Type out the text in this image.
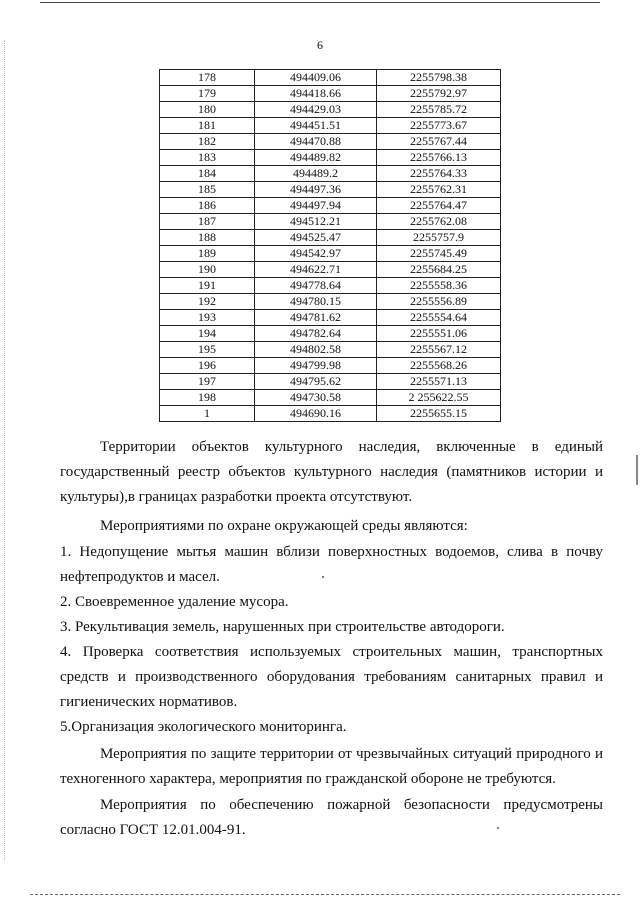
6
178	494409.06	2255798.38
179	494418.66	2255792.97
180	494429.03	2255785.72
181	494451.51	2255773.67
182	494470.88	2255767.44
183	494489.82	2255766.13
184	494489.2	2255764.33
185	494497.36	2255762.31
186	494497.94	2255764.47
187	494512.21	2255762.08
188	494525.47	2255757.9
189	494542.97	2255745.49
190	494622.71	2255684.25
191	494778.64	2255558.36
192	494780.15	2255556.89
193	494781.62	2255554.64
194	494782.64	2255551.06
195	494802.58	2255567.12
196	494799.98	2255568.26
197	494795.62	2255571.13
198	494730.58	2 255622.55
1	494690.16	2255655.15
Территории объектов культурного наследия, включенные в единый государственный реестр объектов культурного наследия (памятников истории и культуры),в границах разработки проекта отсутствуют.
Мероприятиями по охране окружающей среды являются:
1. Недопущение мытья машин вблизи поверхностных водоемов, слива в почву нефтепродуктов и масел.
2. Своевременное удаление мусора.
3. Рекультивация земель, нарушенных при строительстве автодороги.
4. Проверка соответствия используемых строительных машин, транспортных средств и производственного оборудования требованиям санитарных правил и гигиенических нормативов.
5.Организация экологического мониторинга.
Мероприятия по защите территории от чрезвычайных ситуаций природного и техногенного характера, мероприятия по гражданской обороне не требуются.
Мероприятия по обеспечению пожарной безопасности предусмотрены согласно ГОСТ 12.01.004-91.
